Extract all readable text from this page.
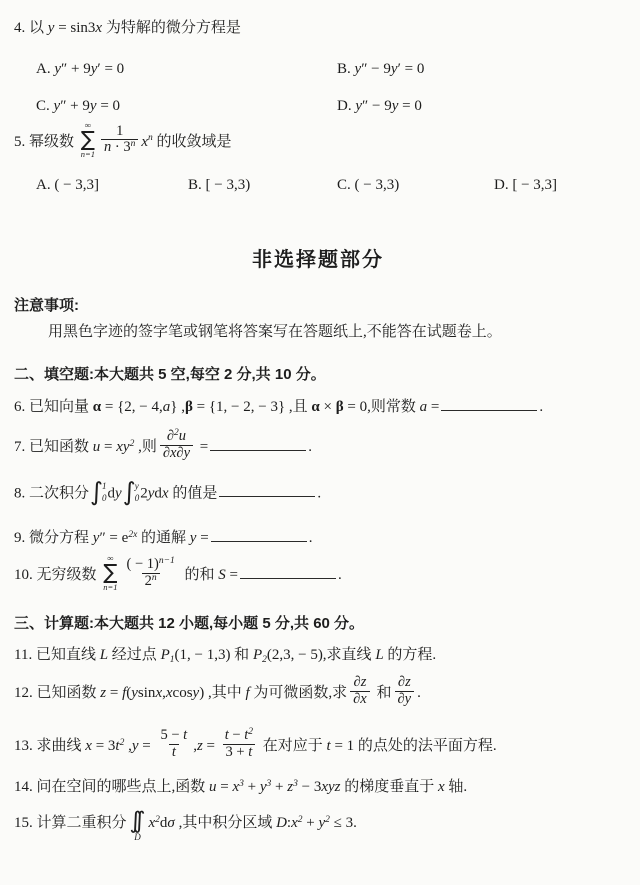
4. 以 y = sin3x 为特解的微分方程是
A. y″ + 9y′ = 0	B. y″ − 9y′ = 0
C. y″ + 9y = 0	D. y″ − 9y = 0
5. 幂级数
∞
∑
$n=1 \frac{1}{n \cdot 3^n} x^n$ 的收敛域是
A. ( − 3,3]	B. [ − 3,3)	C. ( − 3,3)	D. [ − 3,3]
非选择题部分
注意事项:
用黑色字迹的签字笔或钢笔将答案写在答题纸上,不能答在试题卷上。
二、填空题:本大题共 5 空,每空 2 分,共 10 分。
6. 已知向量 α = {2, − 4,a} ,β = {1, − 2, − 3} ,且 α × β = 0,则常数 a =	.
7. 已知函数 $u = xy^2$ ,则 $\frac{\partial^2u}{\partial x\partial y}$ =	.
8. 二次积分 ∫ 1
0 dy ∫ y
0 2ydx 的值是	.
9. 微分方程 $y'' = e^{2x}$ 的通解 y =	.
10. 无穷级数
∞
∑
$n=1 \frac{( - 1)^{n-1}}{2^n}$ 的和 S =	.
三、计算题:本大题共 12 小题,每小题 5 分,共 60 分。
11. 已知直线 L 经过点 $P_1(1$, − 1,3) 和 $P_2(2,3$, − 5),求直线 L 的方程.
12. 已知函数 z = f(ysinx,xcosy) ,其中 f 为可微函数,求 $\frac{\partial z}{\partial x}$ 和 $\frac{\partial z}{\partial y}$ .
13. 求曲线 $x = 3t^2$ $,y = \frac{5 - t}{t} ,z = \frac{t - t^2}{3 + t}$ 在对应于 t = 1 的点处的法平面方程.
14. 问在空间的哪些点上,函数 $u = x^3 + y^3 + z^3 - 3xyz$ 的梯度垂直于 x 轴.
15. 计算二重积分 ∫∫
D
$x^2d\sigma$ ,其中积分区域 $D:x^2 + y^2 \le 3$.
